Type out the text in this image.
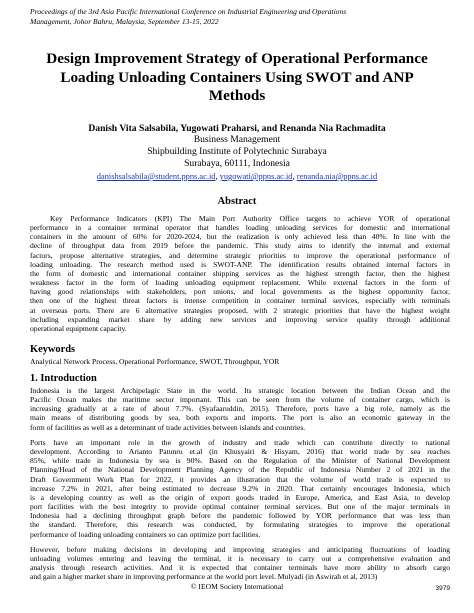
Proceedings of the 3rd Asia Pacific International Conference on Industrial Engineering and Operations
Management, Johor Bahru, Malaysia, September 13-15, 2022
Design Improvement Strategy of Operational Performance
Loading Unloading Containers Using SWOT and ANP
Methods
Danish Vita Salsabila, Yugowati Praharsi, and Renanda Nia Rachmadita
Business Management
Shipbuilding Institute of Polytechnic Surabaya
Surabaya, 60111, Indonesia
danishsalsabila@student.ppns.ac.id, yugowati@ppns.ac.id, renanda.nia@ppns.ac.id
Abstract

Key Performance Indicators (KPI) The Main Port Authority Office targets to achieve YOR of operational
performance in a container terminal operator that handles loading unloading services for domestic and international
containers in the amount of 60% for 2020-2024, but the realization is only achieved less than 40%. In line with the
decline of throughput data from 2019 before the pandemic. This study aims to identify the internal and external
factors, propose alternative strategies, and determine strategic priorities to improve the operational performance of
loading unloading. The research method used is SWOT-ANP. The identification results obtained internal factors in
the form of domestic and international container shipping services as the highest strength factor, then the highest
weakness factor in the form of loading unloading equipment replacement. While external factors in the form of
having good relationships with stakeholders, port unions, and local governments as the highest opportunity factor,
then one of the highest threat factors is intense competition in container terminal services, especially with terminals
at overseas ports. There are 6 alternative strategies proposed, with 2 strategic priorities that have the highest weight
including expanding market share by adding new services and improving service quality through additional
operational equipment capacity.

Keywords

Analytical Network Process, Operational Performance, SWOT, Throughput, YOR

1. Introduction

Indonesia is the largest Archipelagic State in the world. Its strategic location between the Indian Ocean and the
Pacific Ocean makes the maritime sector important. This can be seen from the volume of container cargo, which is
increasing gradually at a rate of about 7.7%. (Syafaaruddin, 2015). Therefore, ports have a big role, namely as the
main means of distributing goods by sea, both exports and imports. The port is also an economic gateway in the
form of facilities as well as a determinant of trade activities between islands and countries.

Ports have an important role in the growth of industry and trade which can contribute directly to national
development. According to Arianto Patunru et.al (in Khusyairi & Hisyam, 2016) that world trade by sea reaches
85%, while trade in Indonesia by sea is 90%. Based on the Regulation of the Minister of National Development
Planning/Head of the National Development Planning Agency of the Republic of Indonesia Number 2 of 2021 in the
Draft Government Work Plan for 2022, it provides an illustration that the volume of world trade is expected to
increase 7.2% in 2021, after being estimated to decrease 9.2% in 2020. That certainly encourages Indonesia, which
is a developing country as well as the origin of export goods traded in Europe, America, and East Asia, to develop
port facilities with the best integrity to provide optimal container terminal services. But one of the major terminals in
Indonesia had a declining throughput graph before the pandemic followed by YOR performance that was less than
the standard. Therefore, this research was conducted, by formulating strategies to improve the operational
performance of loading unloading containers so can optimize port facilities.

However, before making decisions in developing and improving strategies and anticipating fluctuations of loading
unloading volumes entering and leaving the terminal, it is necessary to carry out a comprehensive evaluation and
analysis through research activities. And it is expected that container terminals have more ability to absorb cargo
and gain a higher market share in improving performance at the world port level. Mulyadi (in Aswirah et al, 2013)

© IEOM Society International	3979
